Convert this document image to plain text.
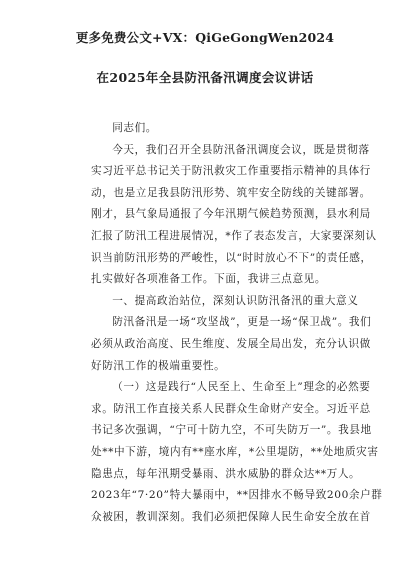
更多免费公文+VX：QiGeGongWen2024
在2025年全县防汛备汛调度会议讲话

同志们。

今天，我们召开全县防汛备汛调度会议，既是贯彻落

实习近平总书记关于防汛救灾工作重要指示精神的具体行

动，也是立足我县防汛形势、筑牢安全防线的关键部署。

刚才，县气象局通报了今年汛期气候趋势预测，县水利局

汇报了防汛工程进展情况，*作了表态发言，大家要深刻认

识当前防汛形势的严峻性，以“时时放心不下”的责任感，

扎实做好各项准备工作。下面，我讲三点意见。

一、提高政治站位，深刻认识防汛备汛的重大意义

防汛备汛是一场“攻坚战”，更是一场“保卫战”。我们

必须从政治高度、民生维度、发展全局出发，充分认识做

好防汛工作的极端重要性。

（一）这是践行“人民至上、生命至上”理念的必然要

求。防汛工作直接关系人民群众生命财产安全。习近平总

书记多次强调，“宁可十防九空，不可失防万一”。我县地

处**中下游，境内有**座水库，*公里堤防，**处地质灾害

隐患点，每年汛期受暴雨、洪水威胁的群众达**万人。

2023年“7·20”特大暴雨中，**因排水不畅导致200余户群

众被困，教训深刻。我们必须把保障人民生命安全放在首
